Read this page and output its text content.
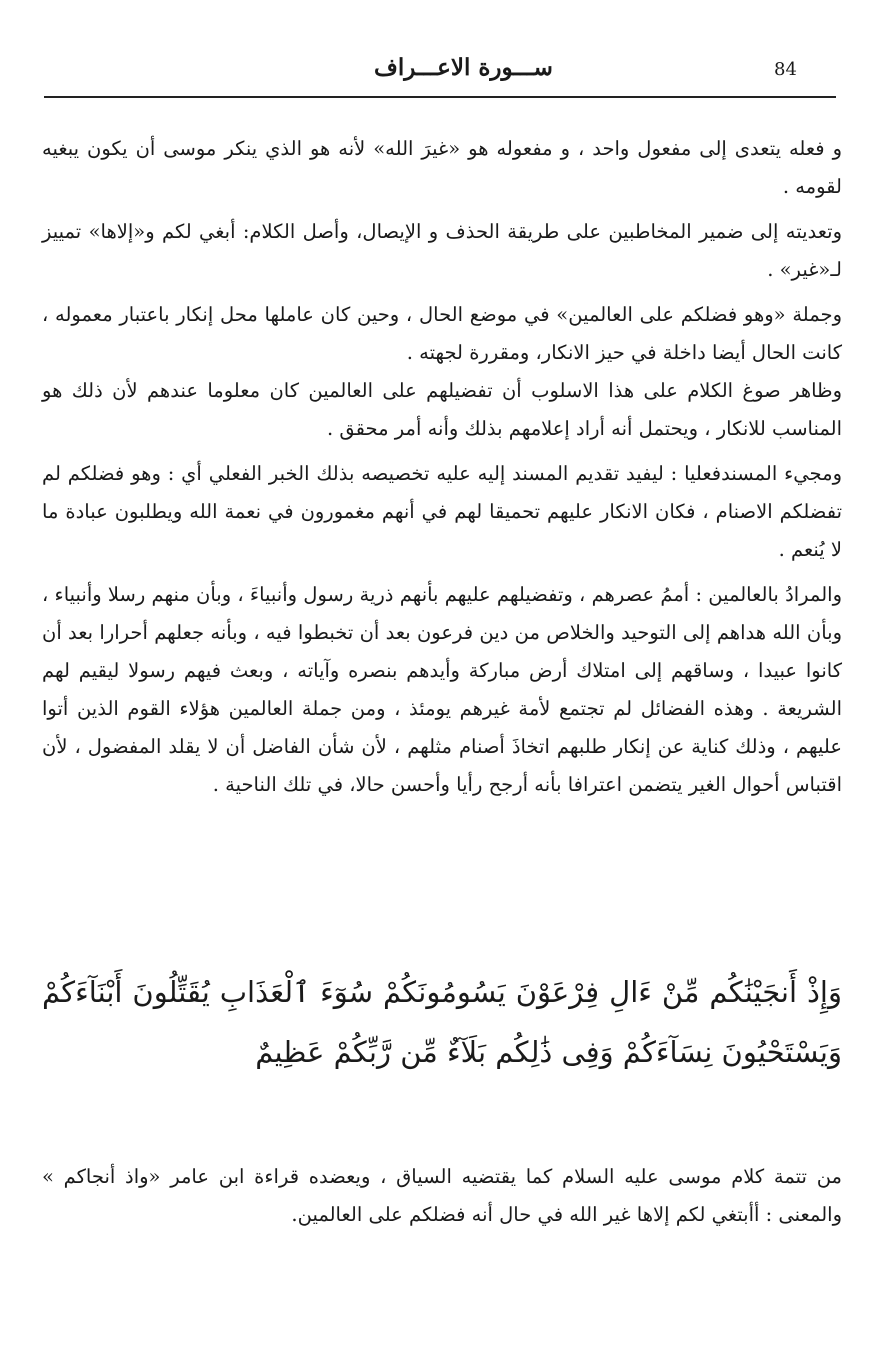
84
ســـورة الاعـــراف

و فعله يتعدى إلى مفعول واحد ، و مفعوله هو «غيرَ الله» لأنه هو الذي ينكر موسى أن يكون يبغيه لقومه .

وتعديته إلى ضمير المخاطبين على طريقة الحذف و الإيصال، وأصل الكلام: أبغي لكم و«إلاها» تمييز لـ«غير» .

وجملة «وهو فضلكم على العالمين» في موضع الحال ، وحين كان عاملها محل إنكار باعتبار معموله ، كانت الحال أيضا داخلة في حيز الانكار، ومقررة لجهته .

وظاهر صوغ الكلام على هذا الاسلوب أن تفضيلهم على العالمين كان معلوما عندهم لأن ذلك هو المناسب للانكار ، ويحتمل أنه أراد إعلامهم بذلك وأنه أمر محقق .

ومجيء المسندفعليا : ليفيد تقديم المسند إليه عليه تخصيصه بذلك الخبر الفعلي أي : وهو فضلكم لم تفضلكم الاصنام ، فكان الانكار عليهم تحميقا لهم في أنهم مغمورون في نعمة الله ويطلبون عبادة ما لا يُنعم .

والمرادُ بالعالمين : أممُ عصرهم ، وتفضيلهم عليهم بأنهم ذرية رسول وأنبياءَ ، وبأن منهم رسلا وأنبياء ، وبأن الله هداهم إلى التوحيد والخلاص من دين فرعون بعد أن تخبطوا فيه ، وبأنه جعلهم أحرارا بعد أن كانوا عبيدا ، وساقهم إلى امتلاك أرض مباركة وأيدهم بنصره وآياته ، وبعث فيهم رسولا ليقيم لهم الشريعة . وهذه الفضائل لم تجتمع لأمة غيرهم يومئذ ، ومن جملة العالمين هؤلاء القوم الذين أتوا عليهم ، وذلك كناية عن إنكار طلبهم اتخاذَ أصنام مثلهم ، لأن شأن الفاضل أن لا يقلد المفضول ، لأن اقتباس أحوال الغير يتضمن اعترافا بأنه أرجح رأيا وأحسن حالا، في تلك الناحية .

وَإِذْ أَنجَيْنَٰكُم مِّنْ ءَالِ فِرْعَوْنَ يَسُومُونَكُمْ سُوٓءَ ٱلْعَذَابِ يُقَتِّلُونَ أَبْنَآءَكُمْ وَيَسْتَحْيُونَ نِسَآءَكُمْ وَفِى ذَٰلِكُم بَلَآءٌ مِّن رَّبِّكُمْ عَظِيمٌ

من تتمة كلام موسى عليه السلام كما يقتضيه السياق ، ويعضده قراءة ابن عامر «واذ أنجاكم » والمعنى : أأبتغي لكم إلاها غير الله في حال أنه فضلكم على العالمين.
